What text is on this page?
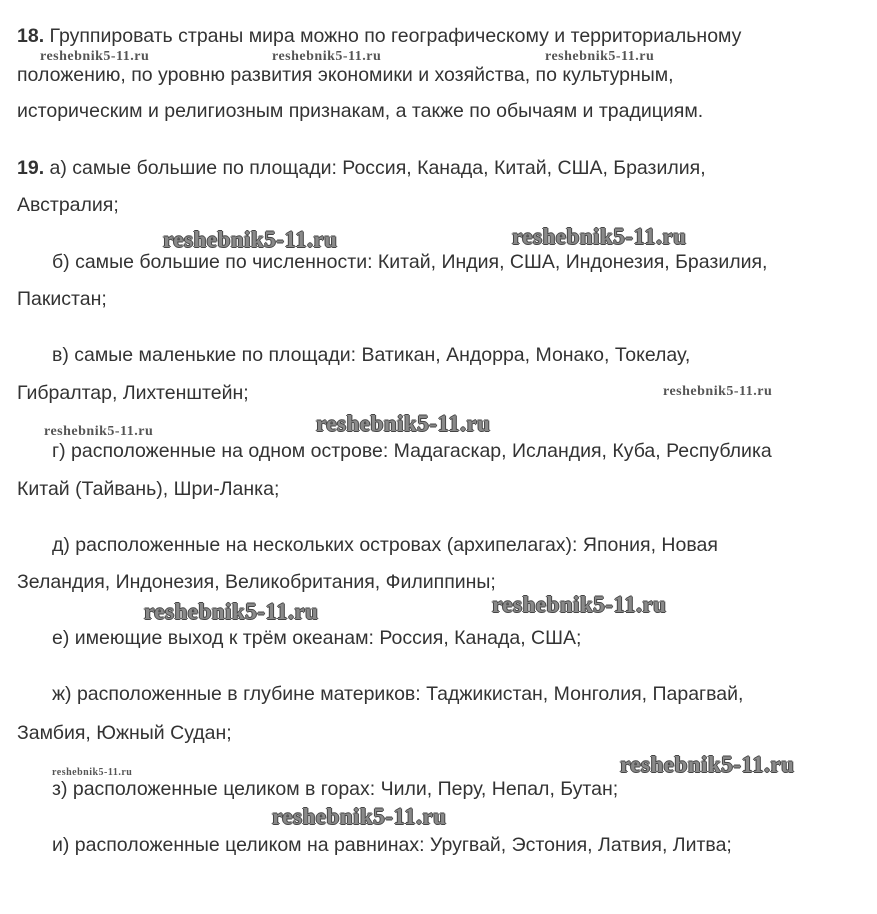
18. Группировать страны мира можно по географическому и территориальному
положению, по уровню развития экономики и хозяйства, по культурным,
историческим и религиозным признакам, а также по обычаям и традициям.
19. а) самые большие по площади: Россия, Канада, Китай, США, Бразилия,
Австралия;
б) самые большие по численности: Китай, Индия, США, Индонезия, Бразилия,
Пакистан;
в) самые маленькие по площади: Ватикан, Андорра, Монако, Токелау,
Гибралтар, Лихтенштейн;
г) расположенные на одном острове: Мадагаскар, Исландия, Куба, Республика
Китай (Тайвань), Шри-Ланка;
д) расположенные на нескольких островах (архипелагах): Япония, Новая
Зеландия, Индонезия, Великобритания, Филиппины;
е) имеющие выход к трём океанам: Россия, Канада, США;
ж) расположенные в глубине материков: Таджикистан, Монголия, Парагвай,
Замбия, Южный Судан;
з) расположенные целиком в горах: Чили, Перу, Непал, Бутан;
и) расположенные целиком на равнинах: Уругвай, Эстония, Латвия, Литва;
reshebnik5-11.ru	reshebnik5-11.ru	reshebnik5-11.ru
reshebnik5-11.ru	reshebnik5-11.ru
reshebnik5-11.ru
reshebnik5-11.ru
reshebnik5-11.ru
reshebnik5-11.ru	reshebnik5-11.ru
reshebnik5-11.ru	reshebnik5-11.ru
reshebnik5-11.ru
